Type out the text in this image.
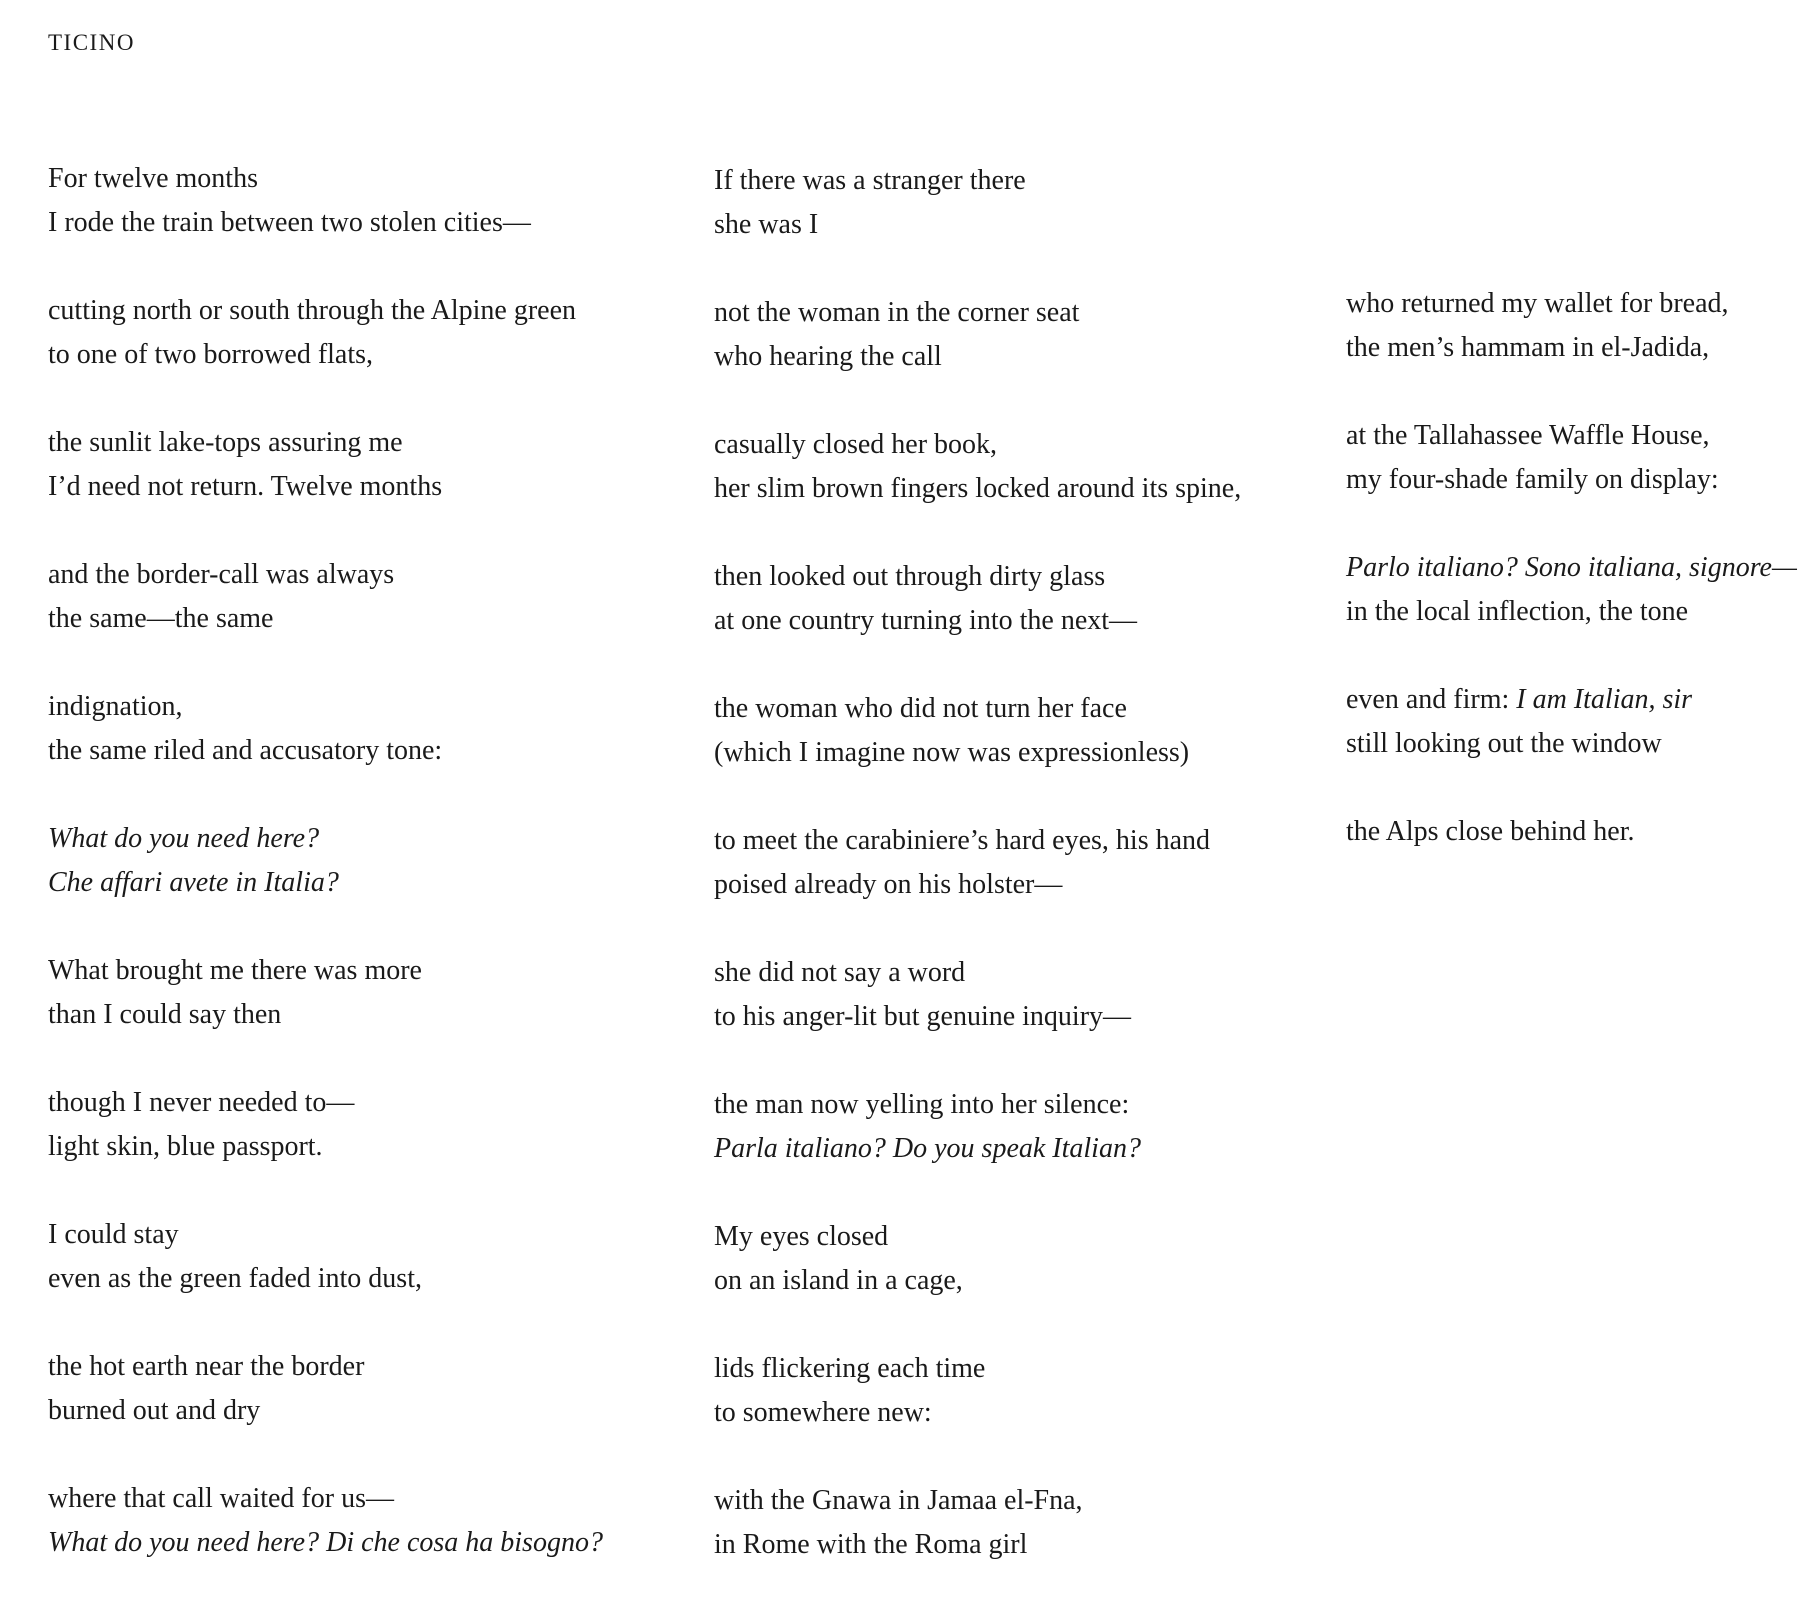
TICINO
For twelve months
I rode the train between two stolen cities—
cutting north or south through the Alpine green
to one of two borrowed flats,
the sunlit lake-tops assuring me
I’d need not return. Twelve months
and the border-call was always
the same—the same
indignation,
the same riled and accusatory tone:
What do you need here?
Che affari avete in Italia?
What brought me there was more
than I could say then
though I never needed to—
light skin, blue passport.
I could stay
even as the green faded into dust,
the hot earth near the border
burned out and dry
where that call waited for us—
What do you need here? Di che cosa ha bisogno?
If there was a stranger there
she was I
not the woman in the corner seat
who hearing the call
casually closed her book,
her slim brown fingers locked around its spine,
then looked out through dirty glass
at one country turning into the next—
the woman who did not turn her face
(which I imagine now was expressionless)
to meet the carabiniere’s hard eyes, his hand
poised already on his holster—
she did not say a word
to his anger-lit but genuine inquiry—
the man now yelling into her silence:
Parla italiano? Do you speak Italian?
My eyes closed
on an island in a cage,
lids flickering each time
to somewhere new:
with the Gnawa in Jamaa el-Fna,
in Rome with the Roma girl
who returned my wallet for bread,
the men’s hammam in el-Jadida,
at the Tallahassee Waffle House,
my four-shade family on display:
Parlo italiano? Sono italiana, signore—
in the local inflection, the tone
even and firm: I am Italian, sir
still looking out the window
the Alps close behind her.
